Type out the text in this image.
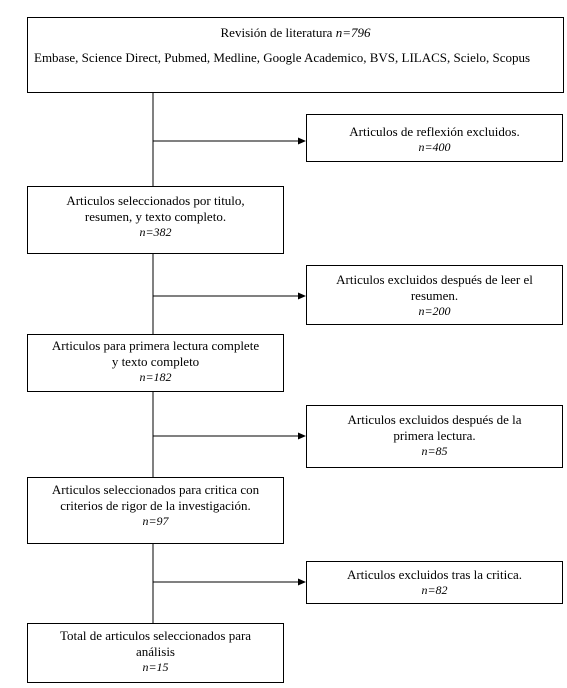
Revisión de literatura n=796
Embase, Science Direct, Pubmed, Medline, Google Academico, BVS, LILACS, Scielo, Scopus
Articulos de reflexión excluidos.
n=400
Articulos seleccionados por titulo,
resumen, y texto completo.
n=382
Articulos excluidos después de leer el
resumen.
n=200
Articulos para primera lectura complete
y texto completo
n=182
Articulos excluidos después de la
primera lectura.
n=85
Articulos seleccionados para critica con
criterios de rigor de la investigación.
n=97
Articulos excluidos tras la critica.
n=82
Total de articulos seleccionados para
análisis
n=15
